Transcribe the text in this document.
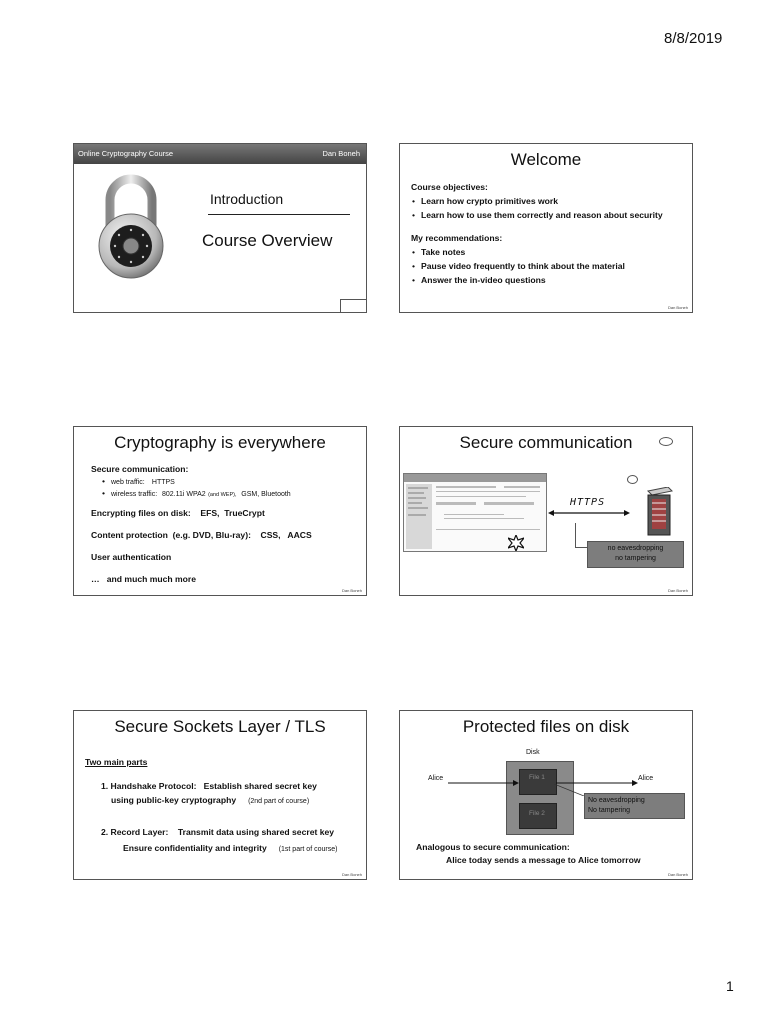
8/8/2019
Online Cryptography Course	Dan Boneh
Introduction
Course Overview
Welcome
Course objectives:
• Learn how crypto primitives work
• Learn how to use them correctly and reason about security
My recommendations:
• Take notes
• Pause video frequently to think about the material
• Answer the in-video questions
Dan Boneh
Cryptography is everywhere
Secure communication:
• web traffic: HTTPS
• wireless traffic: 802.11i WPA2 (and WEP), GSM, Bluetooth
Encrypting files on disk:    EFS,  TrueCrypt
Content protection  (e.g. DVD, Blu-ray):    CSS,   AACS
User authentication
…   and much much more
Dan Boneh
Secure communication
HTTPS
no eavesdropping
no tampering
Dan Boneh
Secure Sockets Layer / TLS
Two main parts
1. Handshake Protocol:   Establish shared secret key
using public-key cryptography (2nd part of course)
2. Record Layer:    Transmit data using shared secret key
Ensure confidentiality and integrity (1st part of course)
Dan Boneh
Protected files on disk
Disk
File 1
File 2
Alice	Alice
No eavesdropping
No tampering
Analogous to secure communication:
Alice today sends a message to Alice tomorrow
Dan Boneh
1
